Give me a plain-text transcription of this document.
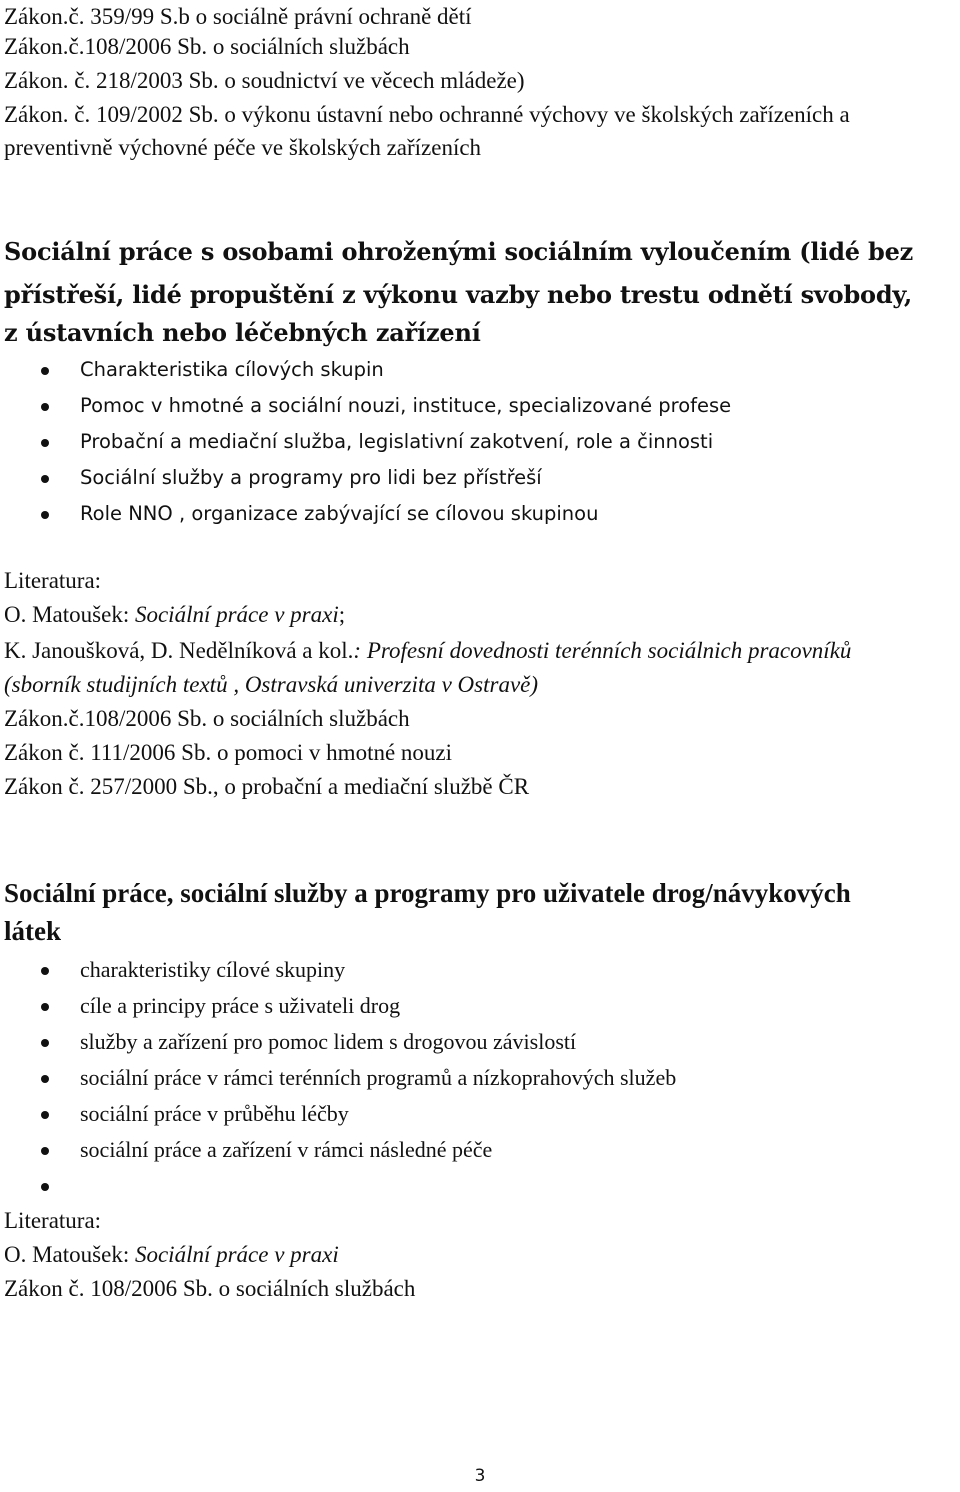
Zákon.č. 359/99 S.b o sociálně právní ochraně dětí
Zákon.č.108/2006 Sb. o sociálních službách
Zákon. č. 218/2003 Sb. o soudnictví ve věcech mládeže)
Zákon. č. 109/2002 Sb. o výkonu ústavní nebo ochranné výchovy ve školských zařízeních a
preventivně výchovné péče ve školských zařízeních
Sociální práce s osobami ohroženými sociálním vyloučením (lidé bez
přístřeší, lidé propuštění z výkonu vazby nebo trestu odnětí svobody,
z ústavních nebo léčebných zařízení
Charakteristika cílových skupin
Pomoc v hmotné a sociální nouzi, instituce, specializované profese
Probační a mediační služba, legislativní zakotvení, role a činnosti
Sociální služby a programy pro lidi bez přístřeší
Role NNO , organizace zabývající se cílovou skupinou
Literatura:
O. Matoušek: Sociální práce v praxi;
K. Janoušková, D. Nedělníková a kol.: Profesní dovednosti terénních sociálnich pracovníků
(sborník studijních textů , Ostravská univerzita v Ostravě)
Zákon.č.108/2006 Sb. o sociálních službách
Zákon č. 111/2006 Sb. o pomoci v hmotné nouzi
Zákon č. 257/2000 Sb., o probační a mediační službě ČR
Sociální práce, sociální služby a programy pro uživatele drog/návykových
látek
charakteristiky cílové skupiny
cíle a principy práce s uživateli drog
služby a zařízení pro pomoc lidem s drogovou závislostí
sociální práce v rámci terénních programů a nízkoprahových služeb
sociální práce v průběhu léčby
sociální práce a zařízení v rámci následné péče
Literatura:
O. Matoušek: Sociální práce v praxi
Zákon č. 108/2006 Sb. o sociálních službách
3
